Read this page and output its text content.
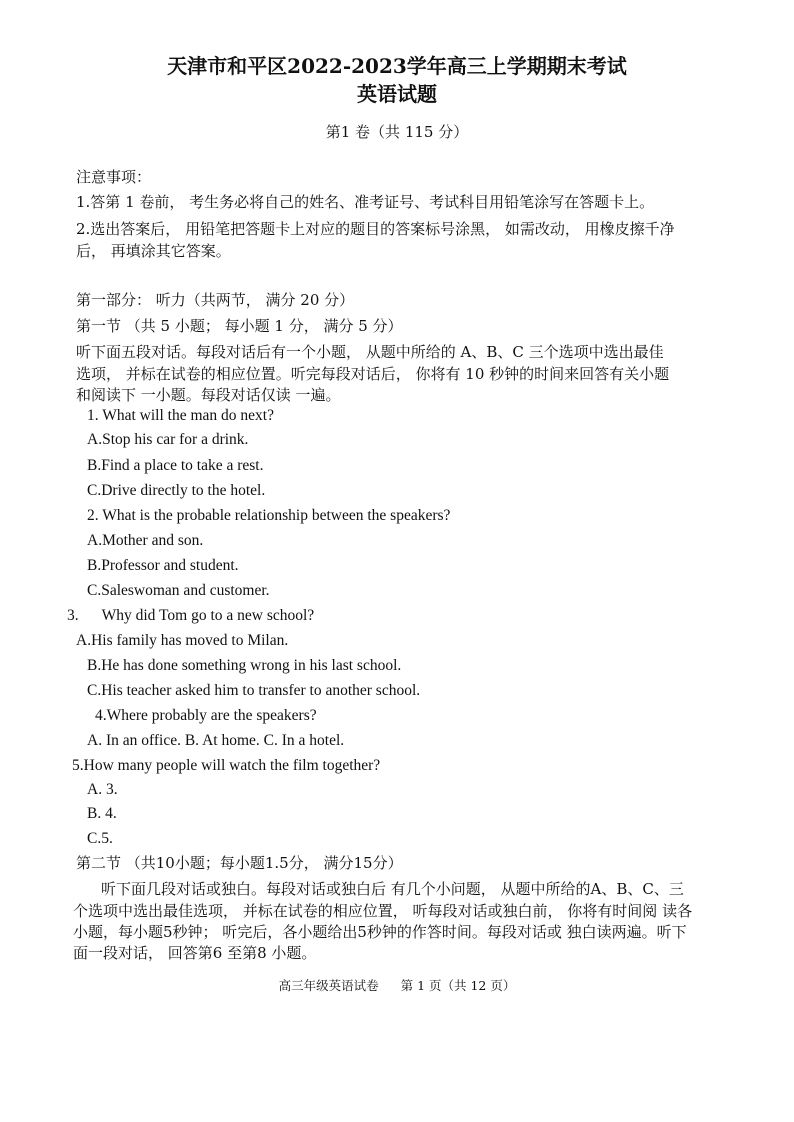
天津市和平区2022-2023学年高三上学期期末考试
英语试题
第1 卷（共 115 分）
注意事项：
1.答第 1 卷前， 考生务必将自己的姓名、准考证号、考试科目用铅笔涂写在答题卡上。
2.选出答案后， 用铅笔把答题卡上对应的题目的答案标号涂黑， 如需改动， 用橡皮擦千净
后， 再填涂其它答案。
第一部分： 听力（共两节， 满分 20 分）
第一节 （共 5 小题； 每小题 1 分， 满分 5 分）
听下面五段对话。每段对话后有一个小题， 从题中所给的 A、B、C 三个选项中选出最佳
选项， 并标在试卷的相应位置。听完每段对话后， 你将有 10 秒钟的时间来回答有关小题
和阅读下 一小题。每段对话仅读 一遍。
1. What will the man do next?
A.Stop his car for a drink.
B.Find a place to take a rest.
C.Drive directly to the hotel.
2. What is the probable relationship between the speakers?
A.Mother and son.
B.Professor and student.
C.Saleswoman and customer.
3.      Why did Tom go to a new school?
A.His family has moved to Milan.
B.He has done something wrong in his last school.
C.His teacher asked him to transfer to another school.
4.Where probably are the speakers?
A. In an office. B. At home. C. In a hotel.
5.How many people will watch the film together?
A. 3.
B. 4.
C.5.
第二节 （共10小题；每小题1.5分， 满分15分）
听下面几段对话或独白。每段对话或独白后 有几个小问题， 从题中所给的A、B、C、三
个选项中选出最佳选项， 并标在试卷的相应位置， 听每段对话或独白前， 你将有时间阅 读各
小题，每小题5秒钟； 听完后，各小题给出5秒钟的作答时间。每段对话或 独白读两遍。听下
面一段对话， 回答第6 至第8 小题。
高三年级英语试卷 第 1 页（共 12 页）
